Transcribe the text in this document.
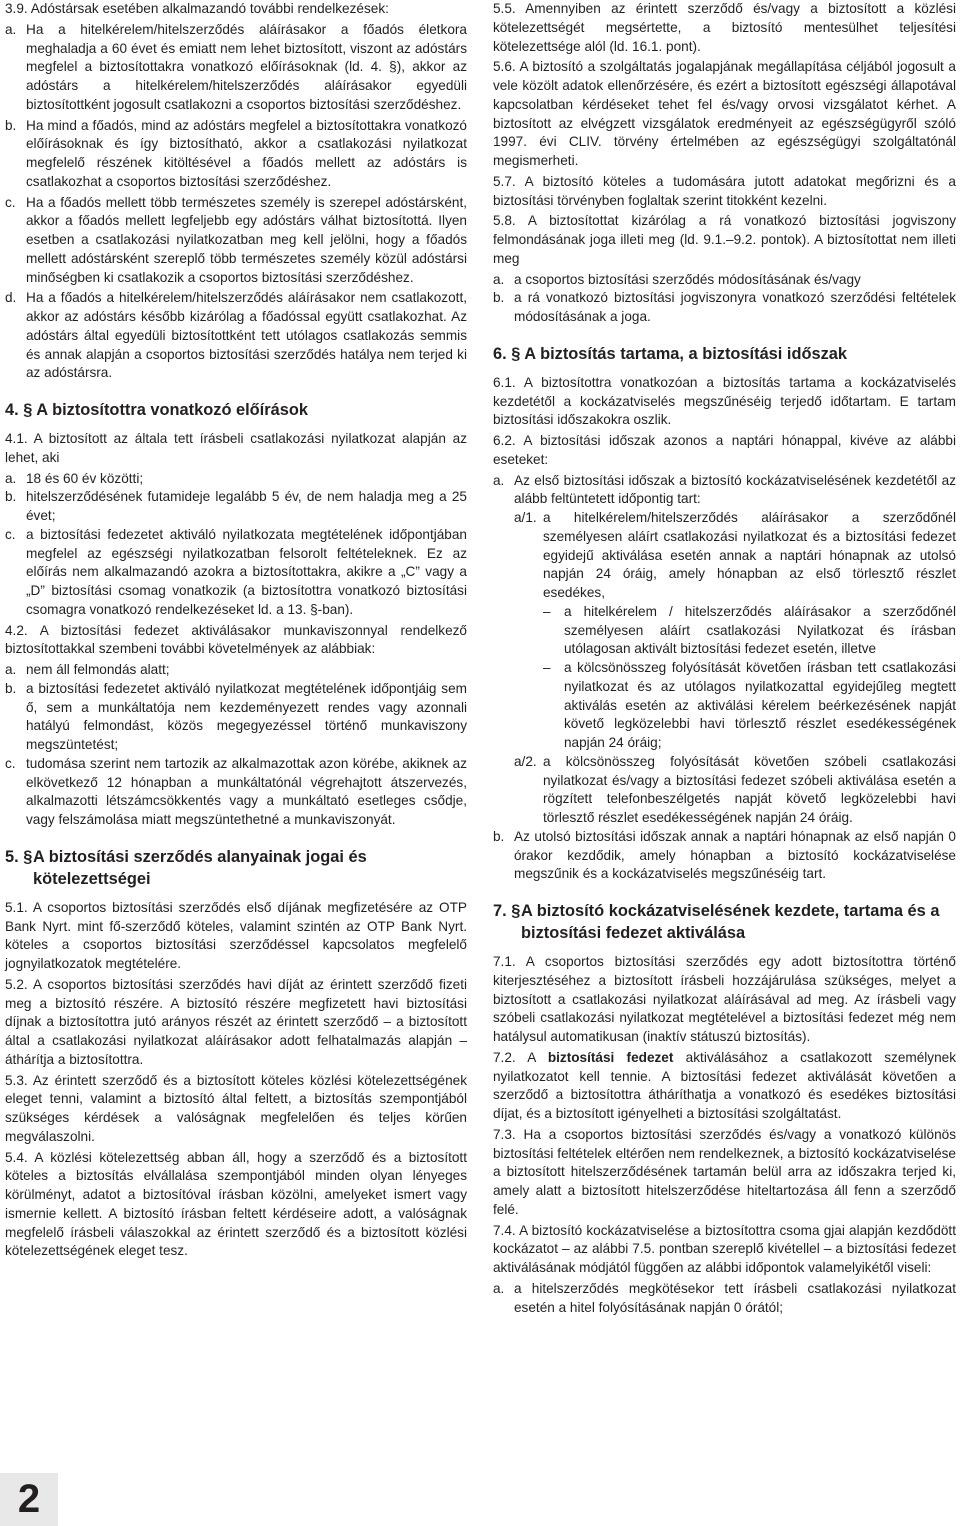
3.9. Adóstársak esetében alkalmazandó további rendelkezések:

a. Ha a hitelkérelem/hitelszerződés aláírásakor a főadós életkora meghaladja a 60 évet és emiatt nem lehet biztosított, viszont az adóstárs megfelel a biztosítottakra vonatkozó előírásoknak (ld. 4. §), akkor az adóstárs a hitelkérelem/hitelszerződés aláírásakor egyedüli biztosítottként jogosult csatlakozni a csoportos biztosítási szerződéshez.

b. Ha mind a főadós, mind az adóstárs megfelel a biztosítottakra vonatkozó előírásoknak és így biztosítható, akkor a csatlakozási nyilatkozat megfelelő részének kitöltésével a főadós mellett az adóstárs is csatlakozhat a csoportos biztosítási szerződéshez.

c. Ha a főadós mellett több természetes személy is szerepel adóstársként, akkor a főadós mellett legfeljebb egy adóstárs válhat biztosítottá. Ilyen esetben a csatlakozási nyilatkozatban meg kell jelölni, hogy a főadós mellett adóstársként szereplő több természetes személy közül adóstársi minőségben ki csatlakozik a csoportos biztosítási szerződéshez.

d. Ha a főadós a hitelkérelem/hitelszerződés aláírásakor nem csatlakozott, akkor az adóstárs később kizárólag a főadóssal együtt csatlakozhat. Az adóstárs által egyedüli biztosítottként tett utólagos csatlakozás semmis és annak alapján a csoportos biztosítási szerződés hatálya nem terjed ki az adóstársra.

4. § A biztosítottra vonatkozó előírások

4.1. A biztosított az általa tett írásbeli csatlakozási nyilatkozat alapján az lehet, aki

a. 18 és 60 év közötti;

b. hitelszerződésének futamideje legalább 5 év, de nem haladja meg a 25 évet;

c. a biztosítási fedezetet aktiváló nyilatkozata megtételének időpontjában megfelel az egészségi nyilatkozatban felsorolt feltételeknek. Ez az előírás nem alkalmazandó azokra a biztosítottakra, akikre a „C” vagy a „D” biztosítási csomag vonatkozik (a biztosítottra vonatkozó biztosítási csomagra vonatkozó rendelkezéseket ld. a 13. §-ban).

4.2. A biztosítási fedezet aktiválásakor munkaviszonnyal rendelkező biztosítottakkal szembeni további követelmények az alábbiak:

a. nem áll felmondás alatt;

b. a biztosítási fedezetet aktiváló nyilatkozat megtételének időpontjáig sem ő, sem a munkáltatója nem kezdeményezett rendes vagy azonnali hatályú felmondást, közös megegyezéssel történő munkaviszony megszüntetést;

c. tudomása szerint nem tartozik az alkalmazottak azon körébe, akiknek az elkövetkező 12 hónapban a munkáltatónál végrehajtott átszervezés, alkalmazotti létszámcsökkentés vagy a munkáltató esetleges csődje, vagy felszámolása miatt megszüntethetné a munkaviszonyát.

5. § A biztosítási szerződés alanyainak jogai és kötelezettségei

5.1. A csoportos biztosítási szerződés első díjának megfizetésére az OTP Bank Nyrt. mint fő-szerződő köteles, valamint szintén az OTP Bank Nyrt. köteles a csoportos biztosítási szerződéssel kapcsolatos megfelelő jognyilatkozatok megtételére.

5.2. A csoportos biztosítási szerződés havi díját az érintett szerződő fizeti meg a biztosító részére. A biztosító részére megfizetett havi biztosítási díjnak a biztosítottra jutó arányos részét az érintett szerződő – a biztosított által a csatlakozási nyilatkozat aláírásakor adott felhatalmazás alapján – áthárítja a biztosítottra.

5.3. Az érintett szerződő és a biztosított köteles közlési kötelezettségének eleget tenni, valamint a biztosító által feltett, a biztosítás szempontjából szükséges kérdések a valóságnak megfelelően és teljes körűen megválaszolni.

5.4. A közlési kötelezettség abban áll, hogy a szerződő és a biztosított köteles a biztosítás elvállalása szempontjából minden olyan lényeges körülményt, adatot a biztosítóval írásban közölni, amelyeket ismert vagy ismernie kellett. A biztosító írásban feltett kérdéseire adott, a valóságnak megfelelő írásbeli válaszokkal az érintett szerződő és a biztosított közlési kötelezettségének eleget tesz.

5.5. Amennyiben az érintett szerződő és/vagy a biztosított a közlési kötelezettségét megsértette, a biztosító mentesülhet teljesítési kötelezettsége alól (ld. 16.1. pont).

5.6. A biztosító a szolgáltatás jogalapjának megállapítása céljából jogosult a vele közölt adatok ellenőrzésére, és ezért a biztosított egészségi állapotával kapcsolatban kérdéseket tehet fel és/vagy orvosi vizsgálatot kérhet. A biztosított az elvégzett vizsgálatok eredményeit az egészségügyről szóló 1997. évi CLIV. törvény értelmében az egészségügyi szolgáltatónál megismerheti.

5.7. A biztosító köteles a tudomására jutott adatokat megőrizni és a biztosítási törvényben foglaltak szerint titokként kezelni.

5.8. A biztosítottat kizárólag a rá vonatkozó biztosítási jogviszony felmondásának joga illeti meg (ld. 9.1.–9.2. pontok). A biztosítottat nem illeti meg

a. a csoportos biztosítási szerződés módosításának és/vagy

b. a rá vonatkozó biztosítási jogviszonyra vonatkozó szerződési feltételek módosításának a joga.

6. § A biztosítás tartama, a biztosítási időszak

6.1. A biztosítottra vonatkozóan a biztosítás tartama a kockázatviselés kezdetétől a kockázatviselés megszűnéséig terjedő időtartam. E tartam biztosítási időszakokra oszlik.

6.2. A biztosítási időszak azonos a naptári hónappal, kivéve az alábbi eseteket:

a. Az első biztosítási időszak a biztosító kockázatviselésének kezdetétől az alább feltüntetett időpontig tart:

a/1. a hitelkérelem/hitelszerződés aláírásakor a szerződőnél személyesen aláírt csatlakozási nyilatkozat és a biztosítási fedezet egyidejű aktiválása esetén annak a naptári hónapnak az utolsó napján 24 óráig, amely hónapban az első törlesztő részlet esedékes,

– a hitelkérelem / hitelszerződés aláírásakor a szerződőnél személyesen aláírt csatlakozási Nyilatkozat és írásban utólagosan aktivált biztosítási fedezet esetén, illetve

– a kölcsönösszeg folyósítását követően írásban tett csatlakozási nyilatkozat és az utólagos nyilatkozattal egyidejűleg megtett aktiválás esetén az aktiválási kérelem beérkezésének napját követő legközelebbi havi törlesztő részlet esedékességének napján 24 óráig;

a/2. a kölcsönösszeg folyósítását követően szóbeli csatlakozási nyilatkozat és/vagy a biztosítási fedezet szóbeli aktiválása esetén a rögzített telefonbeszélgetés napját követő legközelebbi havi törlesztő részlet esedékességének napján 24 óráig.

b. Az utolsó biztosítási időszak annak a naptári hónapnak az első napján 0 órakor kezdődik, amely hónapban a biztosító kockázatviselése megszűnik és a kockázatviselés megszűnéséig tart.

7. § A biztosító kockázatviselésének kezdete, tartama és a biztosítási fedezet aktiválása

7.1. A csoportos biztosítási szerződés egy adott biztosítottra történő kiterjesztéséhez a biztosított írásbeli hozzájárulása szükséges, melyet a biztosított a csatlakozási nyilatkozat aláírásával ad meg. Az írásbeli vagy szóbeli csatlakozási nyilatkozat megtételével a biztosítási fedezet még nem hatálysul automatikusan (inaktív státuszú biztosítás).

7.2. A biztosítási fedezet aktiválásához a csatlakozott személynek nyilatkozatot kell tennie. A biztosítási fedezet aktiválását követően a szerződő a biztosítottra átháríthatja a vonatkozó és esedékes biztosítási díjat, és a biztosított igényelheti a biztosítási szolgáltatást.

7.3. Ha a csoportos biztosítási szerződés és/vagy a vonatkozó különös biztosítási feltételek eltérően nem rendelkeznek, a biztosító kockázatviselése a biztosított hitelszerződésének tartamán belül arra az időszakra terjed ki, amely alatt a biztosított hitelszerződése hiteltartozása áll fenn a szerződő felé.

7.4. A biztosító kockázatviselése a biztosítottra csoma gjai alapján kezdődött kockázatot – az alábbi 7.5. pontban szereplő kivétellel – a biztosítási fedezet aktiválásának módjától függően az alábbi időpontok valamelyikétől viseli:

a. a hitelszerződés megkötésekor tett írásbeli csatlakozási nyilatkozat esetén a hitel folyósításának napján 0 órától;

2
